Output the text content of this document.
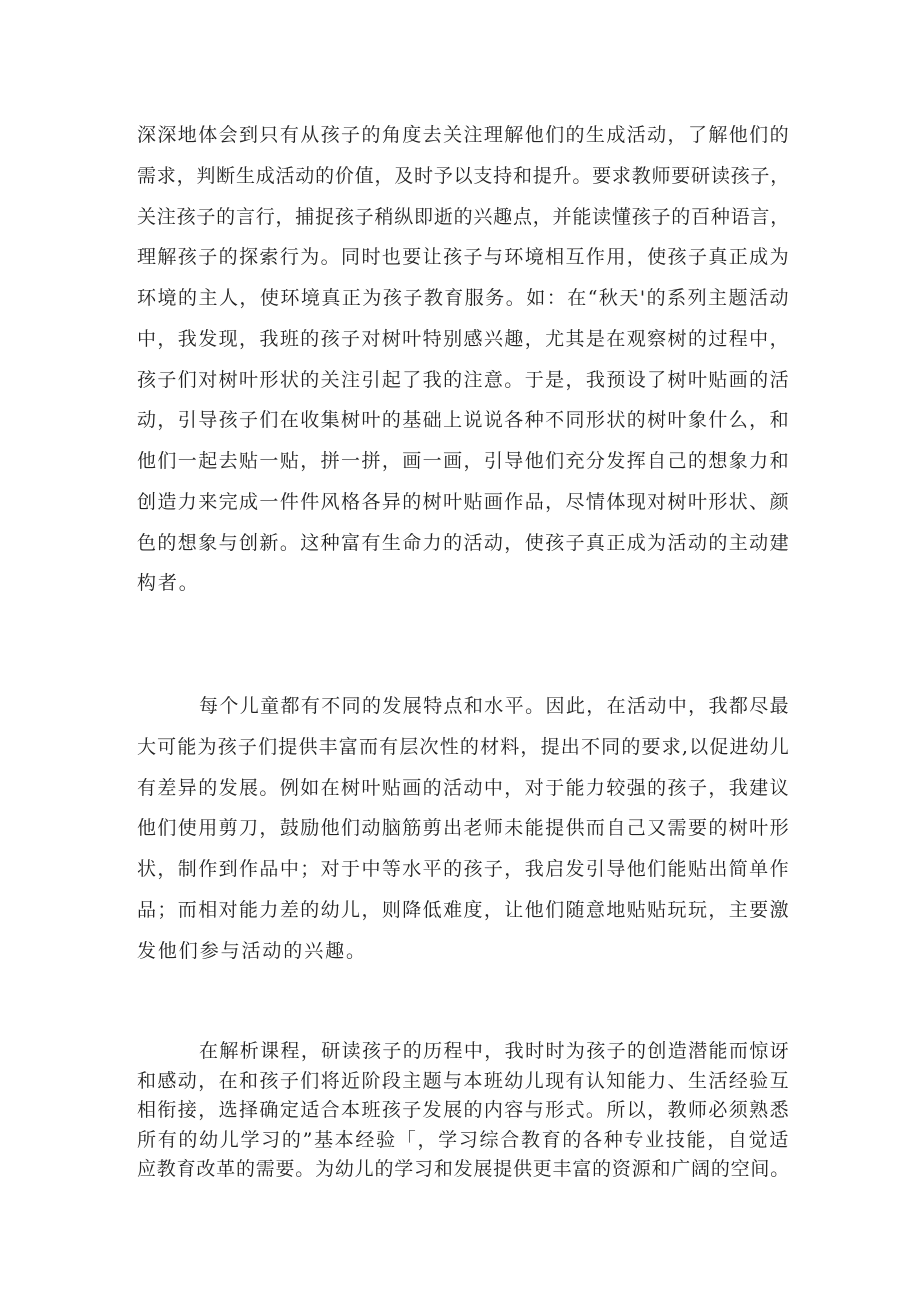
深深地体会到只有从孩子的角度去关注理解他们的生成活动，了解他们的
需求，判断生成活动的价值，及时予以支持和提升。要求教师要研读孩子，
关注孩子的言行，捕捉孩子稍纵即逝的兴趣点，并能读懂孩子的百种语言，
理解孩子的探索行为。同时也要让孩子与环境相互作用，使孩子真正成为
环境的主人，使环境真正为孩子教育服务。如：在“秋天'的系列主题活动
中，我发现，我班的孩子对树叶特别感兴趣，尤其是在观察树的过程中，
孩子们对树叶形状的关注引起了我的注意。于是，我预设了树叶贴画的活
动，引导孩子们在收集树叶的基础上说说各种不同形状的树叶象什么，和
他们一起去贴一贴，拼一拼，画一画，引导他们充分发挥自己的想象力和
创造力来完成一件件风格各异的树叶贴画作品，尽情体现对树叶形状、颜
色的想象与创新。这种富有生命力的活动，使孩子真正成为活动的主动建
构者。
每个儿童都有不同的发展特点和水平。因此，在活动中，我都尽最
大可能为孩子们提供丰富而有层次性的材料，提出不同的要求,以促进幼儿
有差异的发展。例如在树叶贴画的活动中，对于能力较强的孩子，我建议
他们使用剪刀，鼓励他们动脑筋剪出老师未能提供而自己又需要的树叶形
状，制作到作品中；对于中等水平的孩子，我启发引导他们能贴出简单作
品；而相对能力差的幼儿，则降低难度，让他们随意地贴贴玩玩，主要激
发他们参与活动的兴趣。
在解析课程，研读孩子的历程中，我时时为孩子的创造潜能而惊讶
和感动，在和孩子们将近阶段主题与本班幼儿现有认知能力、生活经验互
相衔接，选择确定适合本班孩子发展的内容与形式。所以，教师必须熟悉
所有的幼儿学习的”基本经验「，学习综合教育的各种专业技能，自觉适
应教育改革的需要。为幼儿的学习和发展提供更丰富的资源和广阔的空间。
